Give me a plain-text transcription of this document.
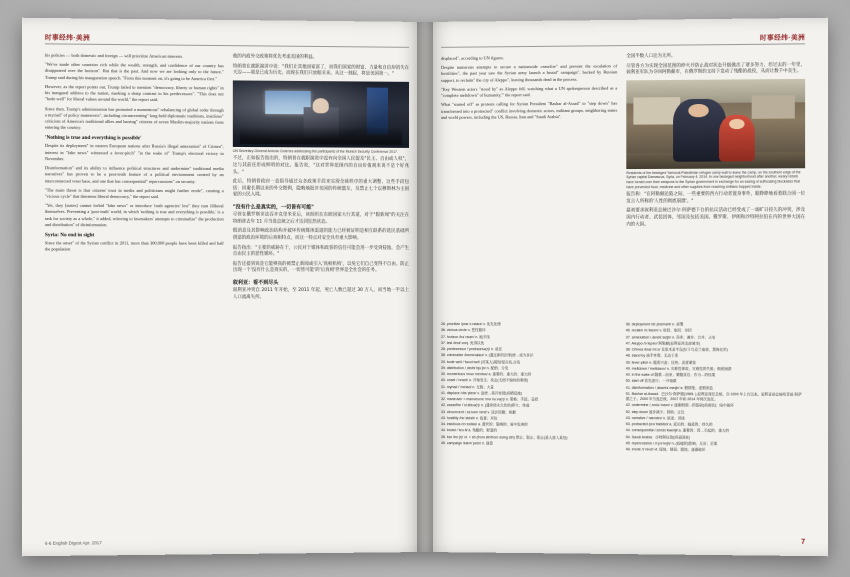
时事经纬·美洲

his policies — both domestic and foreign — will prioritize American interests.

"We've made other countries rich while the wealth, strength, and confidence of our country has disappeared over the horizon". But that is the past. And now we are looking only to the future," Trump said during his inauguration speech. "From this moment on, it's going to be America first."

However, as the report points out, Trump failed to mention "democracy, liberty or human rights" in his inaugural address to the nation, marking a sharp contrast to his predecessors". "This does not "bode well" for liberal values around the world," the report said.

Since then, Trump's administration has promoted a momentous" rebalancing of global order through a myriad" of policy maneuvers", including circumventing" long-held diplomatic traditions, insidious" criticism of America's traditional allies and barring" citizens of seven Muslim-majority nations from entering the country.

'Nothing is true and everything is possible'

Despite its deployment" in eastern European nations after Russia's illegal annexation" of Crimea", interest in "fake news" witnessed a fever-pitch" "in the wake of" Trump's electoral victory in November.

Disinformation" and its ability to influence political structures and undermine" traditional media narratives" has proven to be a post-truth feature of a political environment created by an interconnected voter base, and one that has consequential" repercussions" on security.

"The main threat is that citizens' trust in media and politicians might further erode", creating a "vicious cycle" that threatens liberal democracy," the report said.

"Yet, they [states] cannot forbid "fake news" or introduce 'truth agencies' lest" they turn illiberal themselves. Preventing a 'post-truth' world, in which 'nothing is true and everything is possible,' is a task for society as a whole," it added, referring to lawmakers' attempts to criminalize" the production and distribution" of disinformation.

Syria: No end in sight

Since the onset" of the Syrian conflict in 2011, more than 300,000 people have been killed and half the population

他的内政外交政策将优先考虑美国的利益。

特朗普在就职演讲中说："我们让其他国家富了，而我们国家的财富、力量和自信却消失在天边——那是已成为历史。而现在我们只放眼未来。从这一刻起，将是美国第一。"

UN Secretary-General Antonio Guterres addressing the participants of the Munich Security Conference 2017.

不过，正如报告指出的，特朗普在就职演说中没有向全国人民提及"民主、自由或人权"，这与其前任形成鲜明的对比。报告说，"这对世界范围内的自由价值观来说不是个好兆头。"

此后，特朗普政府一直倡导通过众多政策手段来实现全球秩序的重大调整，这些手段包括：回避长期以来的外交惯例，隐晦地批评美国的传统盟友，及禁止七个以穆斯林为主国家的公民入境。

"没有什么是真实的，一切皆有可能"

尽管在俄罗斯非法吞并克里米亚后，该组织在东欧国家大行其道，对于"假新闻"的关注在特朗普去年 11 月当选总统之后才达到狂热状态。

假消息及其影响政治结构并破坏传统媒体渠道的能力已经被证明是相互联系的选民基础所创造的政治环境的后真相特点，而这一特点对安全具有重大影响。

报告指出："主要的威胁在于，公民对于媒体和政客的信任可能会进一步受到侵蚀，会产生自由民主的恶性循环。"

报告还提到说是它能够真的被禁止新闻或引入'真相机构'，以免它们自己变得不自由。防止出现一个'没有什么是真实的，一切皆可能'的'后真相'世界是全社会的任务。

叙利亚：看不到尽头

叙利亚冲突自 2011 年开始，至 2011 年起，死亡人数已超过 30 万人，而当地一半以上人口流离失所。

6-6 English Digest Apr. 2017
时事经纬·美洲

displaced", according to UN figures.

Despite numerous attempts to secure a nationwide ceasefire" and prevent the escalation of hostilities", the past year saw the Syrian army launch a brutal" campaign", backed by Russian support, to reclaim" the city of Aleppo", leaving thousands dead in the process.

"Key Western actors "stood by" as Aleppo fell, watching what a UN spokesperson described as a "complete meltdown" of humanity,'" the report said.

What "started off" as protests calling for Syrian President "Bashar al-Assad" to "step down" has transformed into a protracted" conflict involving domestic actors, militant groups, neighboring states and world powers, including the US, Russia, Iran and "Saudi Arabia".

全国半数人口沦为无所。

尽管各方为实现全国范围的停火并防止敌对状态升级做出了诸多努力，但过去的一年里，叙利亚军队为夺回阿勒颇市，在俄罗斯的支持下发动了残酷的战役，从而让数千中丧生。

Residents of the besieged Yarmouk Palestinian refugee camp wait to leave the camp, on the southern edge of the Syrian capital Damascus, Syria, on February 4, 2014. In one besieged neighborhood after another, weary rebels have turned over their weapons to the Syrian government in exchange for an easing of suffocating blockades that have prevented food, medicine and other supplies from reaching civilians trapped inside.

报告称："在阿勒颇沦陷之际，一些重要的西方行动者置身事外，眼睁睁地看着联合国一位发言人所称的'人性的彻底崩溃'。"

最初要求叙利亚总统巴沙尔·阿萨德下台的抗议活动已经变成了一场旷日持久的冲突，涉及国内行动者、武装团体、邻国及包括美国、俄罗斯、伊朗和沙特阿拉伯在内的世界大国在内的大国。

26. prioritize /praɪˈɔːrətaɪz/ v. 优先处理
36. vicious circle n. 恶性循环
27. horizon /həˈraɪzn/ n. 地平线
37. lest /lest/ conj. 免得以免
28. predecessor /ˈpredəsesə(r)/ n. 前任
38. criminalize /krɪmɪnəlaɪz/ v. (通过新的法律)使…成为非法
29. bode well /ˈbəʊd wel/ (对某人)展现/是吉兆,吉兆
39. distribution /ˌdɪstrɪˈbjuːʃn/ n. 配销；分发
30. momentous /məʊˈmentəs/ a. 重要的；重大的；重大的
40. onset /ˈɒnset/ n. 开始发生；攻击(尤指不愉快的事情)
31. myriad /ˈmɪriəd/ n. 无数；大量
41. displace /dɪsˈpleɪs/ v. 迫使…离开家园(或栖息地)
32. maneuver = manoeuvre /məˈnuːvə(r)/ n. 策略；手段；花招
42. ceasefire /ˈsiːsfaɪə(r)/ n. (通常指永久性的)停火；休战
33. circumvent /ˌsɜːkəmˈvent/ v. 设法回避；规避
43. hostility /hɒˈstɪləti/ n. 敌意；对抗
34. insidious /ɪnˈsɪdiəs/ a. 潜伏的；隐晦的；暗中危害的
44. brutal /ˈbruːtl/ a. 残酷的；野蛮的
35. bar /bɑː(r)/ vt. = sb (from sth/from doing sth) 禁止；阻止；阻止(某人进入某处)
45. campaign /kæmˈpeɪn/ n. 战役
36. deployment /dɪˈplɔɪmənt/ n. 部署
46. reclaim /rɪˈkleɪm/ v. 收回；取回；夺回
37. annexation /ˌænekˈseɪʃn/ n. 吞并；兼并；合并；占有
47. Aleppo /əˈlepəʊ/ 阿勒颇(叙利亚西北部城市)
38. Crimea /kraɪˈmiːə/ 克里米亚半岛(位于乌克兰南部，黑海北岸)
48. stand by 袖手旁观；无动于衷
39. fever-pitch n. 极度兴奋；狂热；高度紧张
49. meltdown /ˈmeltdaʊn/ n. 灾难性事故；灾难性的失败；彻底崩溃
40. in the wake of 随着…而来；紧随其后；作为…的结果
50. start off 首先进行；一开始做
41. disinformation /ˌdɪsɪnfəˈmeɪʃn/ n. 假情报；虚假消息
51. Bashar al-Assad：巴沙尔·阿萨德(1965- ),叙利亚现任总统，自 2000 年上台以来。叙利亚前总统哈菲兹·阿萨德之子。2000 年当选总统，2007 年和 2014 年两次连任。
42. undermine /ˌʌndəˈmaɪn/ v. 逐渐削弱…的基础(或威信)；暗中破坏
52. step down 逐步减少；辞职；让位
43. narrative /ˈnærətɪv/ n. 叙述；讲述
53. protracted /prəˈtræktɪd/ a. 延长的；拖延的；持久的
44. consequential /ˌkɒnsɪˈkwenʃl/ a. 重要的；因…引起的；重大的
54. Saudi Arabia：沙特阿拉伯(西亚国家)
45. repercussion /ˌriːpəˈkʌʃn/ n. (间接的)影响；反应；后果
46. erode /ɪˈrəʊd/ vt. 侵蚀；削弱；腐蚀；逐渐破坏
7
